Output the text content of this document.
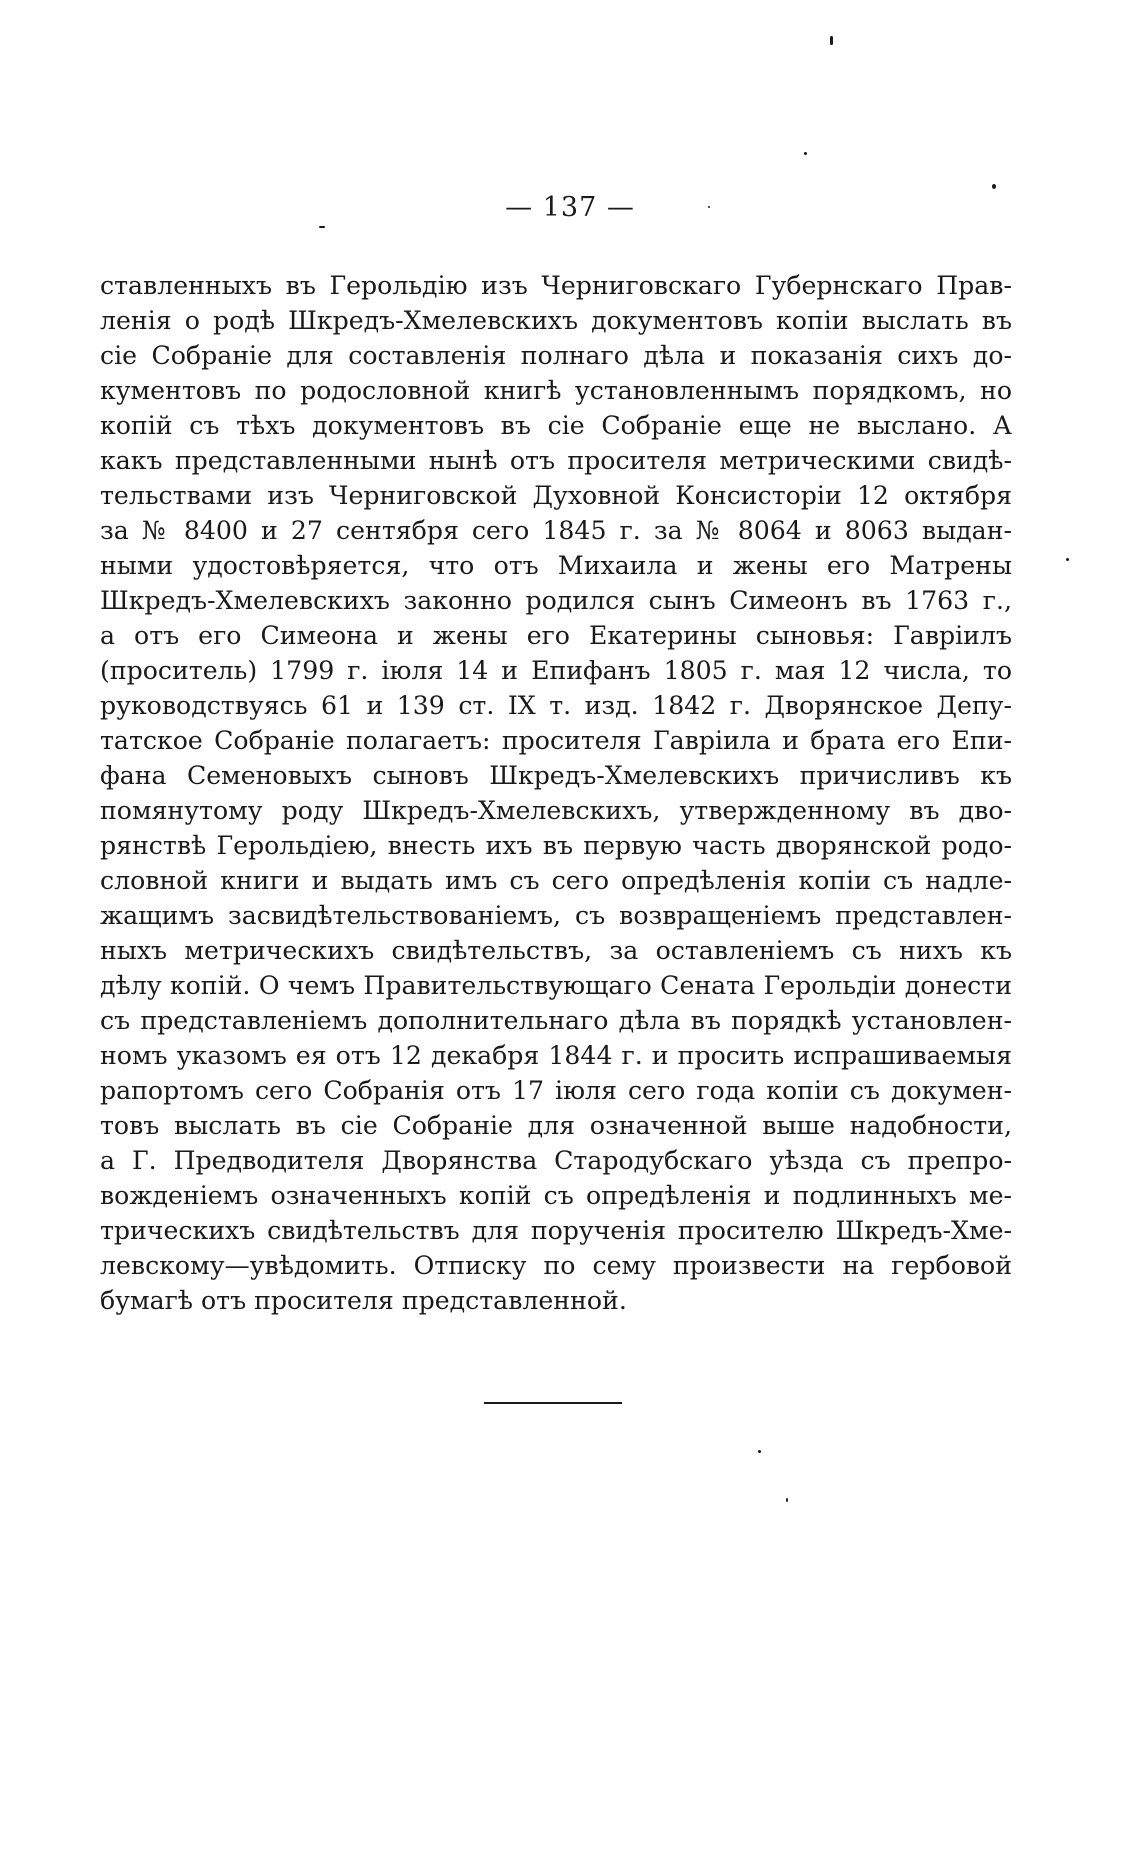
— 137 —

ставленныхъ въ Герольдію изъ Черниговскаго Губернскаго Прав-
ленія о родѣ Шкредъ-Хмелевскихъ документовъ копіи выслать въ
сіе Собраніе для составленія полнаго дѣла и показанія сихъ до-
кументовъ по родословной книгѣ установленнымъ порядкомъ, но
копій съ тѣхъ документовъ въ сіе Собраніе еще не выслано. А
какъ представленными нынѣ отъ просителя метрическими свидѣ-
тельствами изъ Черниговской Духовной Консисторіи 12 октября
за № 8400 и 27 сентября сего 1845 г. за № 8064 и 8063 выдан-
ными удостовѣряется, что отъ Михаила и жены его Матрены
Шкредъ-Хмелевскихъ законно родился сынъ Симеонъ въ 1763 г.,
а отъ его Симеона и жены его Екатерины сыновья: Гавріилъ
(проситель) 1799 г. іюля 14 и Епифанъ 1805 г. мая 12 числа, то
руководствуясь 61 и 139 ст. IX т. изд. 1842 г. Дворянское Депу-
татское Собраніе полагаетъ: просителя Гавріила и брата его Епи-
фана Семеновыхъ сыновъ Шкредъ-Хмелевскихъ причисливъ къ
помянутому роду Шкредъ-Хмелевскихъ, утвержденному въ дво-
рянствѣ Герольдіею, внесть ихъ въ первую часть дворянской родо-
словной книги и выдать имъ съ сего опредѣленія копіи съ надле-
жащимъ засвидѣтельствованіемъ, съ возвращеніемъ представлен-
ныхъ метрическихъ свидѣтельствъ, за оставленіемъ съ нихъ къ
дѣлу копій. О чемъ Правительствующаго Сената Герольдіи донести
съ представленіемъ дополнительнаго дѣла въ порядкѣ установлен-
номъ указомъ ея отъ 12 декабря 1844 г. и просить испрашиваемыя
рапортомъ сего Собранія отъ 17 іюля сего года копіи съ докумен-
товъ выслать въ сіе Собраніе для означенной выше надобности,
а Г. Предводителя Дворянства Стародубскаго уѣзда съ препро-
вожденіемъ означенныхъ копій съ опредѣленія и подлинныхъ ме-
трическихъ свидѣтельствъ для порученія просителю Шкредъ-Хме-
левскому—увѣдомить. Отписку по сему произвести на гербовой
бумагѣ отъ просителя представленной.
